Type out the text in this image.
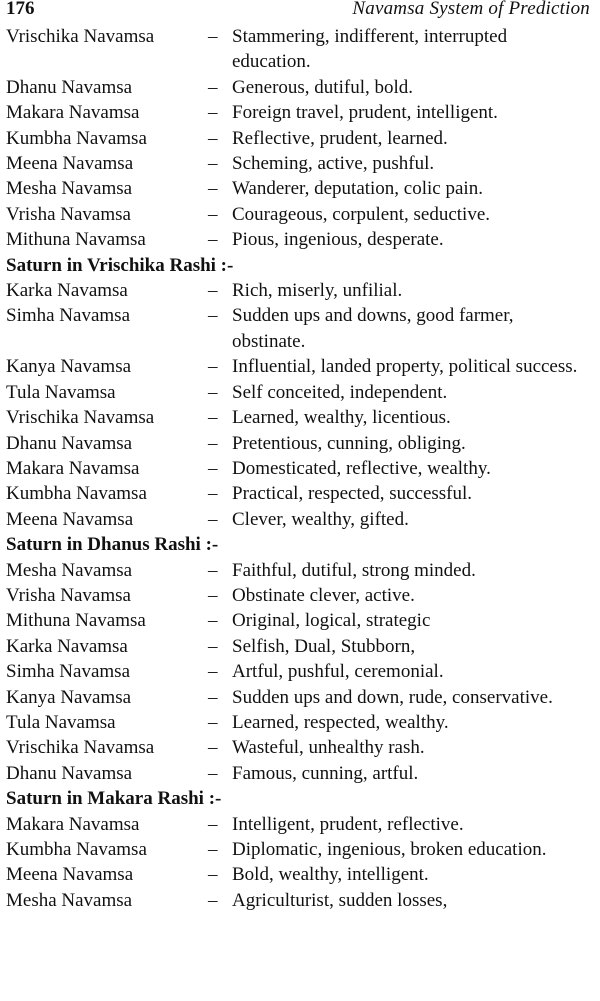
176	Navamsa System of Prediction
Vrischika Navamsa	– Stammering, indifferent, interrupted education.
Dhanu Navamsa	– Generous, dutiful, bold.
Makara Navamsa	– Foreign travel, prudent, intelligent.
Kumbha Navamsa	– Reflective, prudent, learned.
Meena Navamsa	– Scheming, active, pushful.
Mesha Navamsa	– Wanderer, deputation, colic pain.
Vrisha Navamsa	– Courageous, corpulent, seductive.
Mithuna Navamsa	– Pious, ingenious, desperate.
Saturn in Vrischika Rashi :-
Karka Navamsa	– Rich, miserly, unfilial.
Simha Navamsa	– Sudden ups and downs, good farmer, obstinate.
Kanya Navamsa	– Influential, landed property, political success.
Tula Navamsa	– Self conceited, independent.
Vrischika Navamsa	– Learned, wealthy, licentious.
Dhanu Navamsa	– Pretentious, cunning, obliging.
Makara Navamsa	– Domesticated, reflective, wealthy.
Kumbha Navamsa	– Practical, respected, successful.
Meena Navamsa	– Clever, wealthy, gifted.
Saturn in Dhanus Rashi :-
Mesha Navamsa	– Faithful, dutiful, strong minded.
Vrisha Navamsa	– Obstinate clever, active.
Mithuna Navamsa	– Original, logical, strategic
Karka Navamsa	– Selfish, Dual, Stubborn,
Simha Navamsa	– Artful, pushful, ceremonial.
Kanya Navamsa	– Sudden ups and down, rude, conservative.
Tula Navamsa	– Learned, respected, wealthy.
Vrischika Navamsa	– Wasteful, unhealthy rash.
Dhanu Navamsa	– Famous, cunning, artful.
Saturn in Makara Rashi :-
Makara Navamsa	– Intelligent, prudent, reflective.
Kumbha Navamsa	– Diplomatic, ingenious, broken education.
Meena Navamsa	– Bold, wealthy, intelligent.
Mesha Navamsa	– Agriculturist, sudden losses,
